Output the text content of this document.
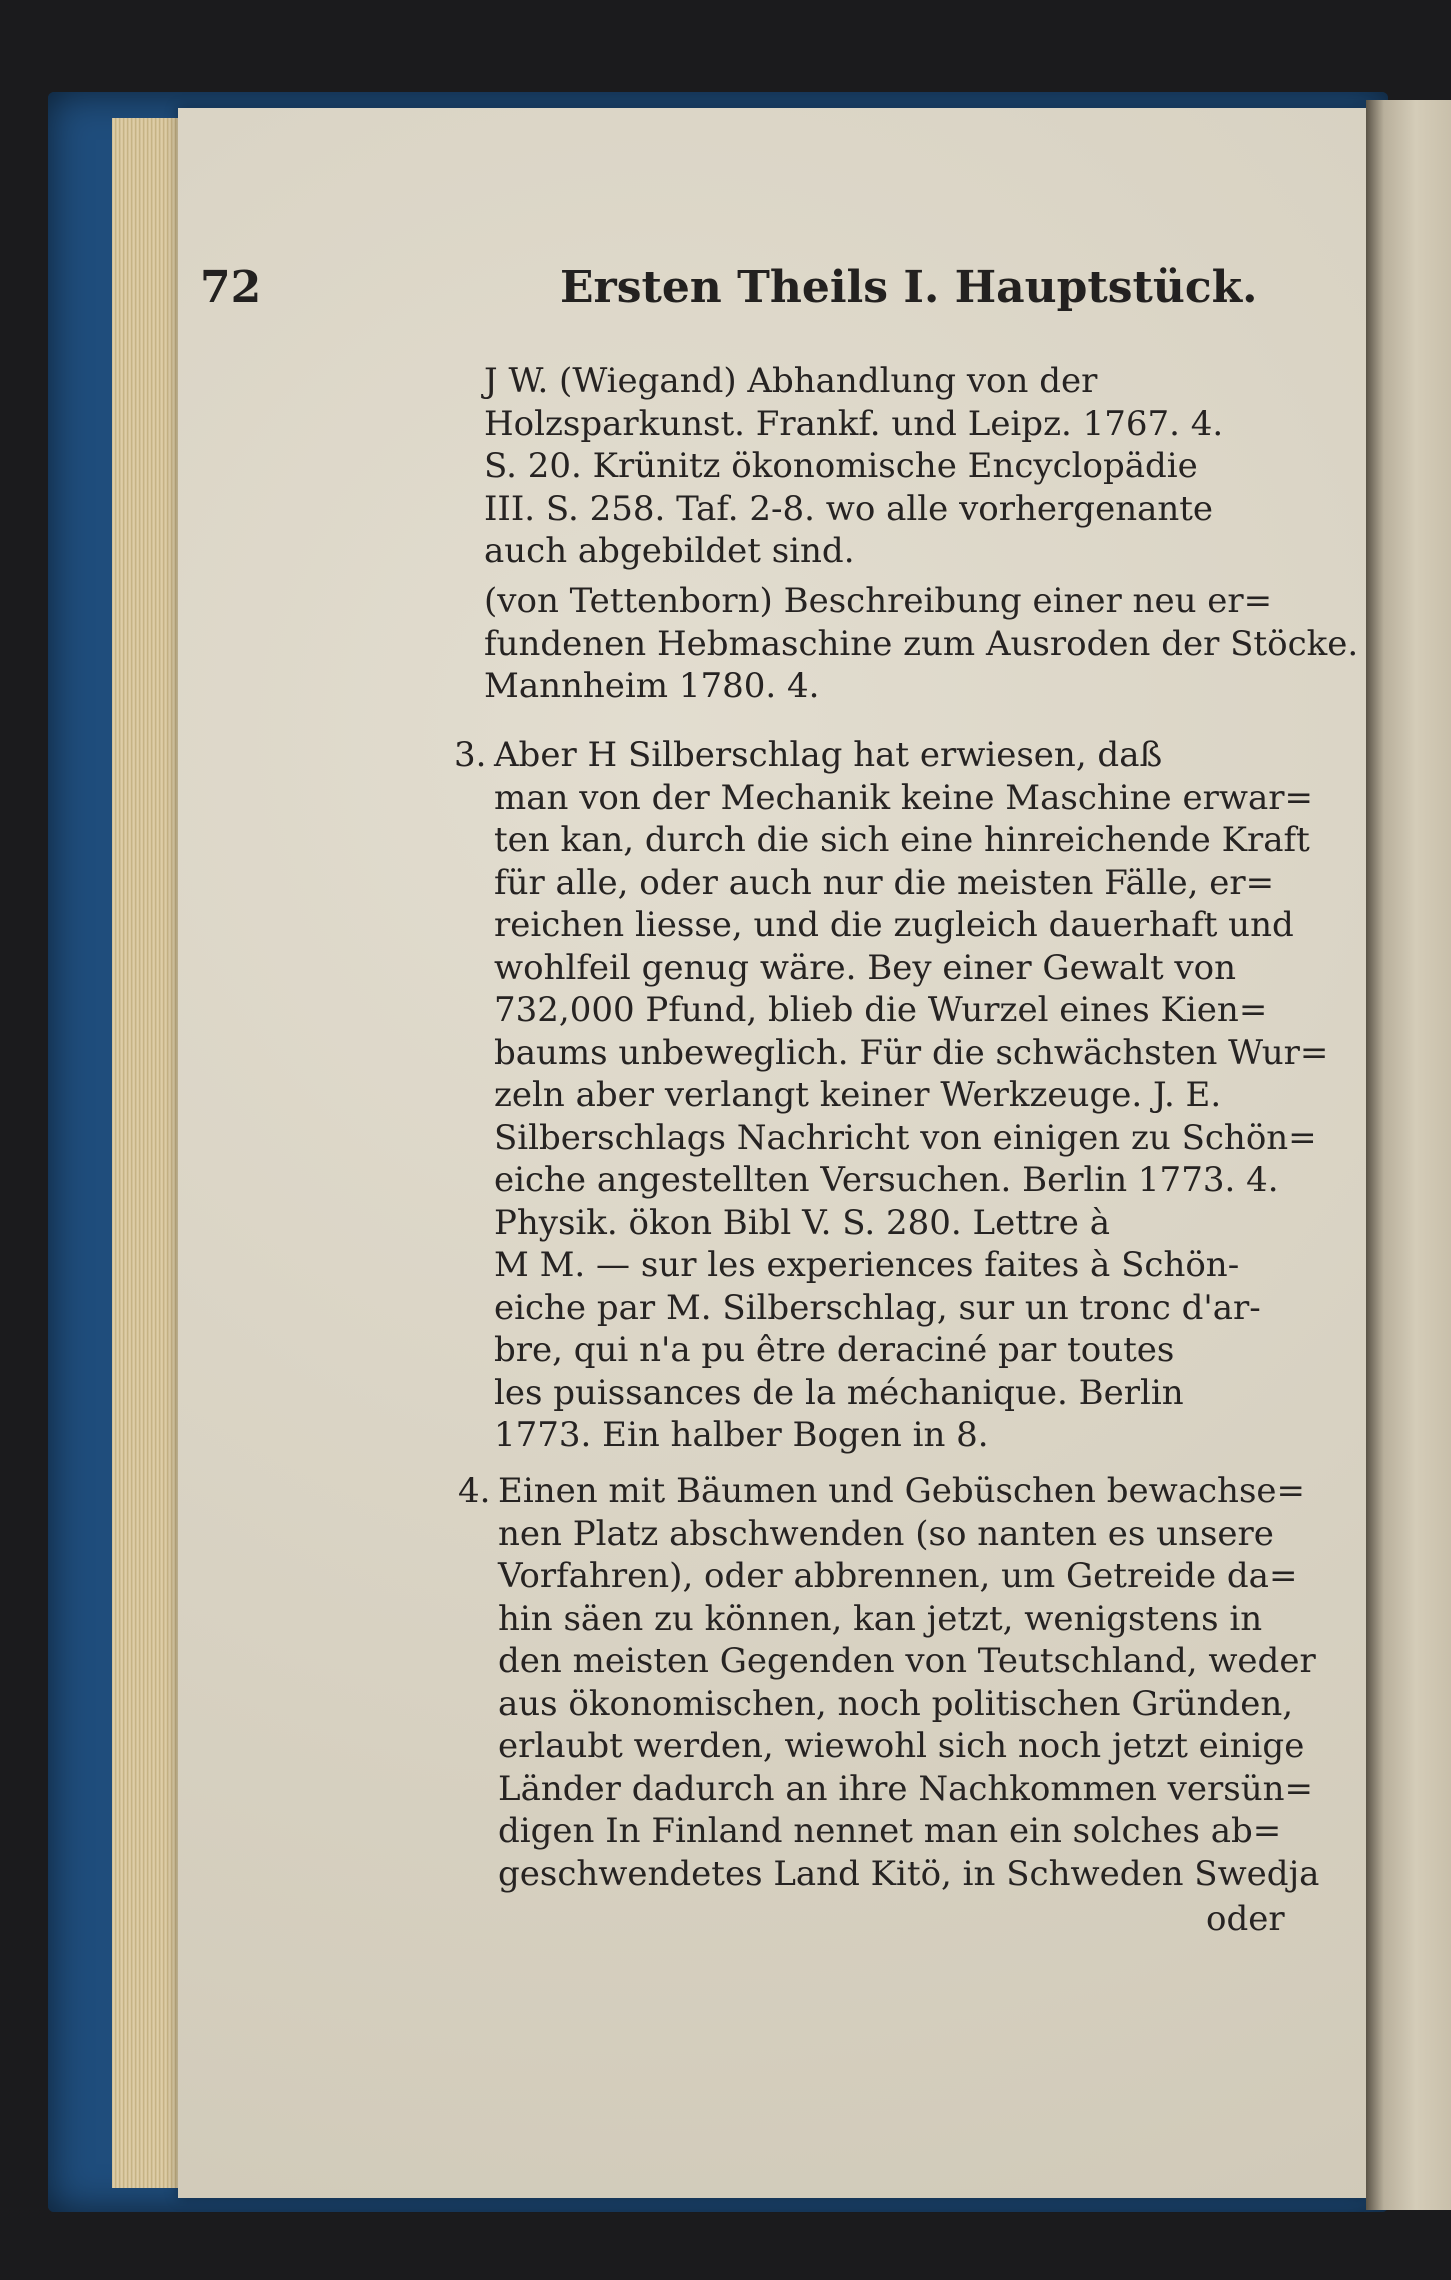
72	Ersten Theils I. Hauptstück.
J W. (Wiegand) Abhandlung von der
Holzsparkunst. Frankf. und Leipz. 1767. 4.
S. 20. Krünitz ökonomische Encyclopädie
III. S. 258. Taf. 2-8. wo alle vorhergenante
auch abgebildet sind.
(von Tettenborn) Beschreibung einer neu er=
fundenen Hebmaschine zum Ausroden der Stöcke.
Mannheim 1780. 4.
3. Aber H Silberschlag hat erwiesen, daß
man von der Mechanik keine Maschine erwar=
ten kan, durch die sich eine hinreichende Kraft
für alle, oder auch nur die meisten Fälle, er=
reichen liesse, und die zugleich dauerhaft und
wohlfeil genug wäre. Bey einer Gewalt von
732,000 Pfund, blieb die Wurzel eines Kien=
baums unbeweglich. Für die schwächsten Wur=
zeln aber verlangt keiner Werkzeuge. J. E.
Silberschlags Nachricht von einigen zu Schön=
eiche angestellten Versuchen. Berlin 1773. 4.
Physik. ökon Bibl V. S. 280. Lettre à
M M. — sur les experiences faites à Schön-
eiche par M. Silberschlag, sur un tronc d'ar-
bre, qui n'a pu être deraciné par toutes
les puissances de la méchanique. Berlin
1773. Ein halber Bogen in 8.
4. Einen mit Bäumen und Gebüschen bewachse=
nen Platz abschwenden (so nanten es unsere
Vorfahren), oder abbrennen, um Getreide da=
hin säen zu können, kan jetzt, wenigstens in
den meisten Gegenden von Teutschland, weder
aus ökonomischen, noch politischen Gründen,
erlaubt werden, wiewohl sich noch jetzt einige
Länder dadurch an ihre Nachkommen versün=
digen In Finland nennet man ein solches ab=
geschwendetes Land Kitö, in Schweden Swedja
oder
